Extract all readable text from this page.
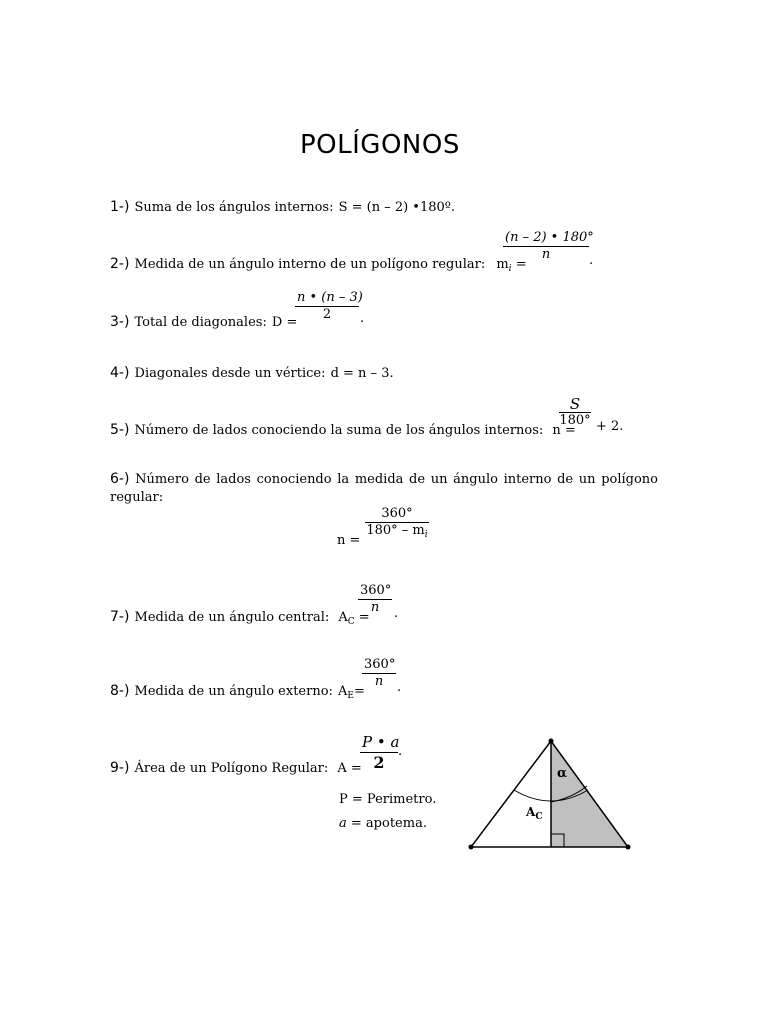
POLÍGONOS
1-) Suma de los ángulos internos: S = (n – 2) •180º.
2-) Medida de un ángulo interno de un polígono regular: $m_i$ =
$\frac{(n - 2) • 180^\circ}{n}$ .
3-) Total de diagonales: D =
$\frac{n • (n - 3)}{2}$ .
4-) Diagonales desde un vértice: d = n – 3.
5-) Número de lados conociendo la suma de los ángulos internos: n =
$\frac{S}{180^\circ} + 2$.
6-) Número de lados conociendo la medida de un ángulo interno de un polígono regular:
$n = \frac{360^\circ}{180^\circ - m_i}$
7-) Medida de un ángulo central: $A_C$ =
$\frac{360^\circ}{n}$ .
8-) Medida de un ángulo externo: $A_E=$
$\frac{360^\circ}{n}$ .
9-) Área de un Polígono Regular: A =
$\frac{P • a}{2}$ .
P = Perimetro.
a = apotema.
α
$A_C$
